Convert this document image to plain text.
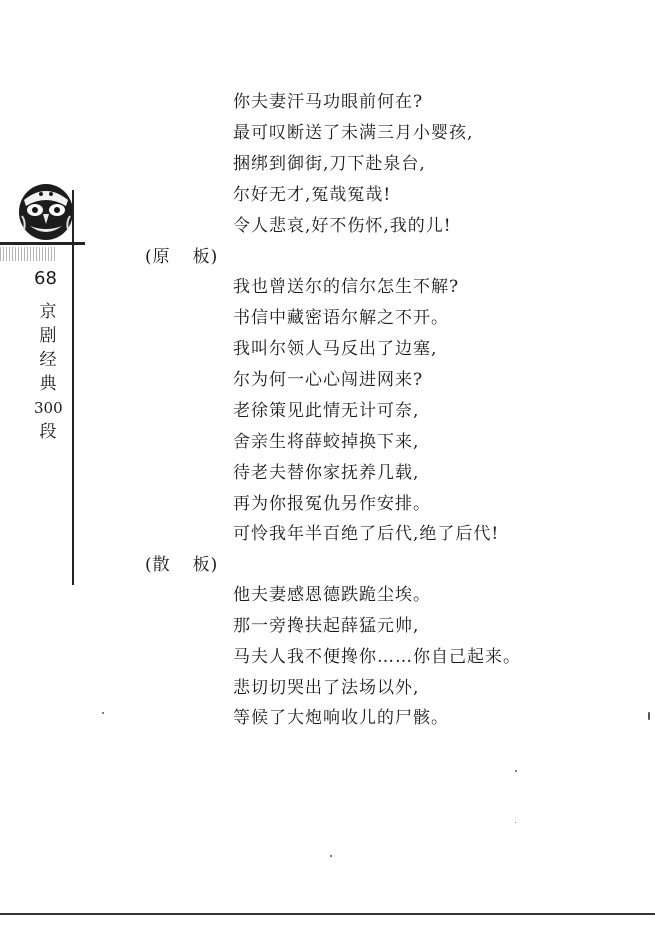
68
京
剧
经
典
300
段
你夫妻汗马功眼前何在?
最可叹断送了未满三月小婴孩,
捆绑到御街,刀下赴泉台,
尔好无才,冤哉冤哉!
令人悲哀,好不伤怀,我的儿!
(原 板)
我也曾送尔的信尔怎生不解?
书信中藏密语尔解之不开。
我叫尔领人马反出了边塞,
尔为何一心心闯进网来?
老徐策见此情无计可奈,
舍亲生将薛蛟掉换下来,
待老夫替你家抚养几载,
再为你报冤仇另作安排。
可怜我年半百绝了后代,绝了后代!
(散 板)
他夫妻感恩德跌跪尘埃。
那一旁搀扶起薛猛元帅,
马夫人我不便搀你……你自己起来。
悲切切哭出了法场以外,
等候了大炮响收儿的尸骸。
